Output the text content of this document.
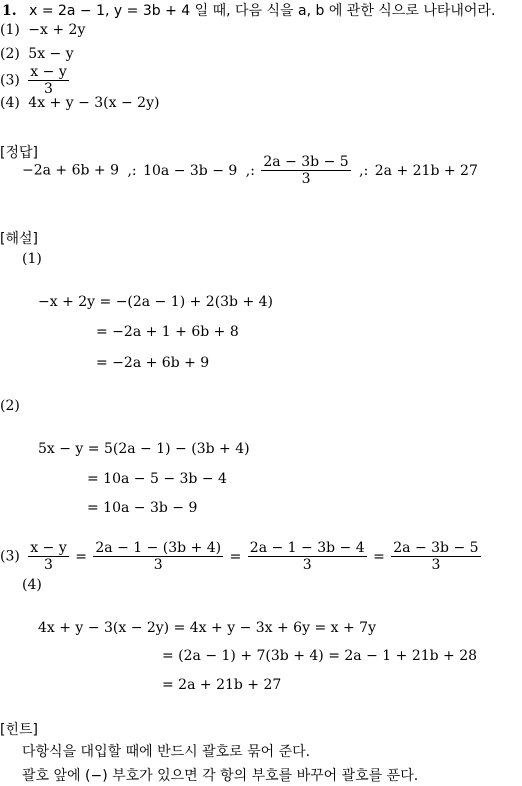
1. x = 2a − 1, y = 3b + 4 일 때, 다음 식을 a, b 에 관한 식으로 나타내어라.
(1) −x + 2y
(2) 5x − y
$(3) \frac{x - y}{3}$
(4) 4x + y − 3(x − 2y)
[정답]
−2a + 6b + 9 ,: 10a − 3b − 9 ,: $\frac{2a - 3b - 5}{3}$ ,: 2a + 21b + 27
[해설]
(1)
−x + 2y = −(2a − 1) + 2(3b + 4)
= −2a + 1 + 6b + 8
= −2a + 6b + 9
(2)
5x − y = 5(2a − 1) − (3b + 4)
= 10a − 5 − 3b − 4
= 10a − 3b − 9
$(3) \frac{x - y}{3} = \frac{2a - 1 - (3b + 4)}{3} = \frac{2a - 1 - 3b - 4}{3} = \frac{2a - 3b - 5}{3}$
(4)
4x + y − 3(x − 2y) = 4x + y − 3x + 6y = x + 7y
= (2a − 1) + 7(3b + 4) = 2a − 1 + 21b + 28
= 2a + 21b + 27
[힌트]
다항식을 대입할 때에 반드시 괄호로 묶어 준다.
괄호 앞에 (−) 부호가 있으면 각 항의 부호를 바꾸어 괄호를 푼다.
